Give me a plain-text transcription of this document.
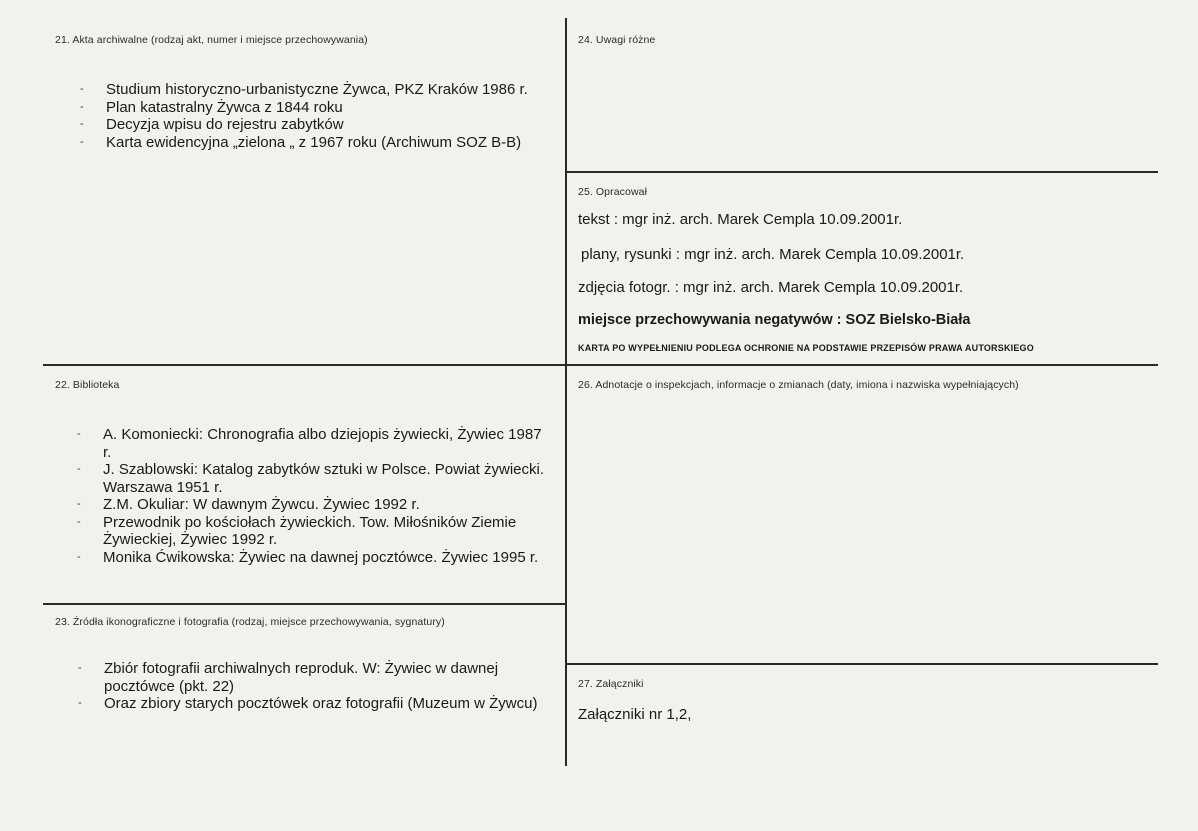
21. Akta archiwalne (rodzaj akt, numer i miejsce przechowywania)
- Studium historyczno-urbanistyczne Żywca, PKZ Kraków 1986 r.
- Plan katastralny Żywca z 1844 roku
- Decyzja wpisu do rejestru zabytków
- Karta ewidencyjna „zielona „ z 1967 roku (Archiwum SOZ B-B)
22. Biblioteka
- A. Komoniecki: Chronografia albo dziejopis żywiecki, Żywiec 1987 r.
- J. Szablowski: Katalog zabytków sztuki w Polsce. Powiat żywiecki. Warszawa 1951 r.
- Z.M. Okuliar: W dawnym Żywcu. Żywiec 1992 r.
- Przewodnik po kościołach żywieckich. Tow. Miłośników Ziemie Żywieckiej, Żywiec 1992 r.
- Monika Ćwikowska: Żywiec na dawnej pocztówce. Żywiec 1995 r.
23. Źródła ikonograficzne i fotografia (rodzaj, miejsce przechowywania, sygnatury)
- Zbiór fotografii archiwalnych reproduk. W: Żywiec w dawnej pocztówce (pkt. 22)
- Oraz zbiory starych pocztówek oraz fotografii (Muzeum w Żywcu)
24. Uwagi różne
25. Opracował
tekst : mgr inż. arch. Marek Cempla 10.09.2001r.
plany, rysunki : mgr inż. arch. Marek Cempla 10.09.2001r.
zdjęcia fotogr. : mgr inż. arch. Marek Cempla 10.09.2001r.
miejsce przechowywania negatywów : SOZ Bielsko-Biała
KARTA PO WYPEŁNIENIU PODLEGA OCHRONIE NA PODSTAWIE PRZEPISÓW PRAWA AUTORSKIEGO
26. Adnotacje o inspekcjach, informacje o zmianach (daty, imiona i nazwiska wypełniających)
27. Załączniki
Załączniki nr 1,2,
